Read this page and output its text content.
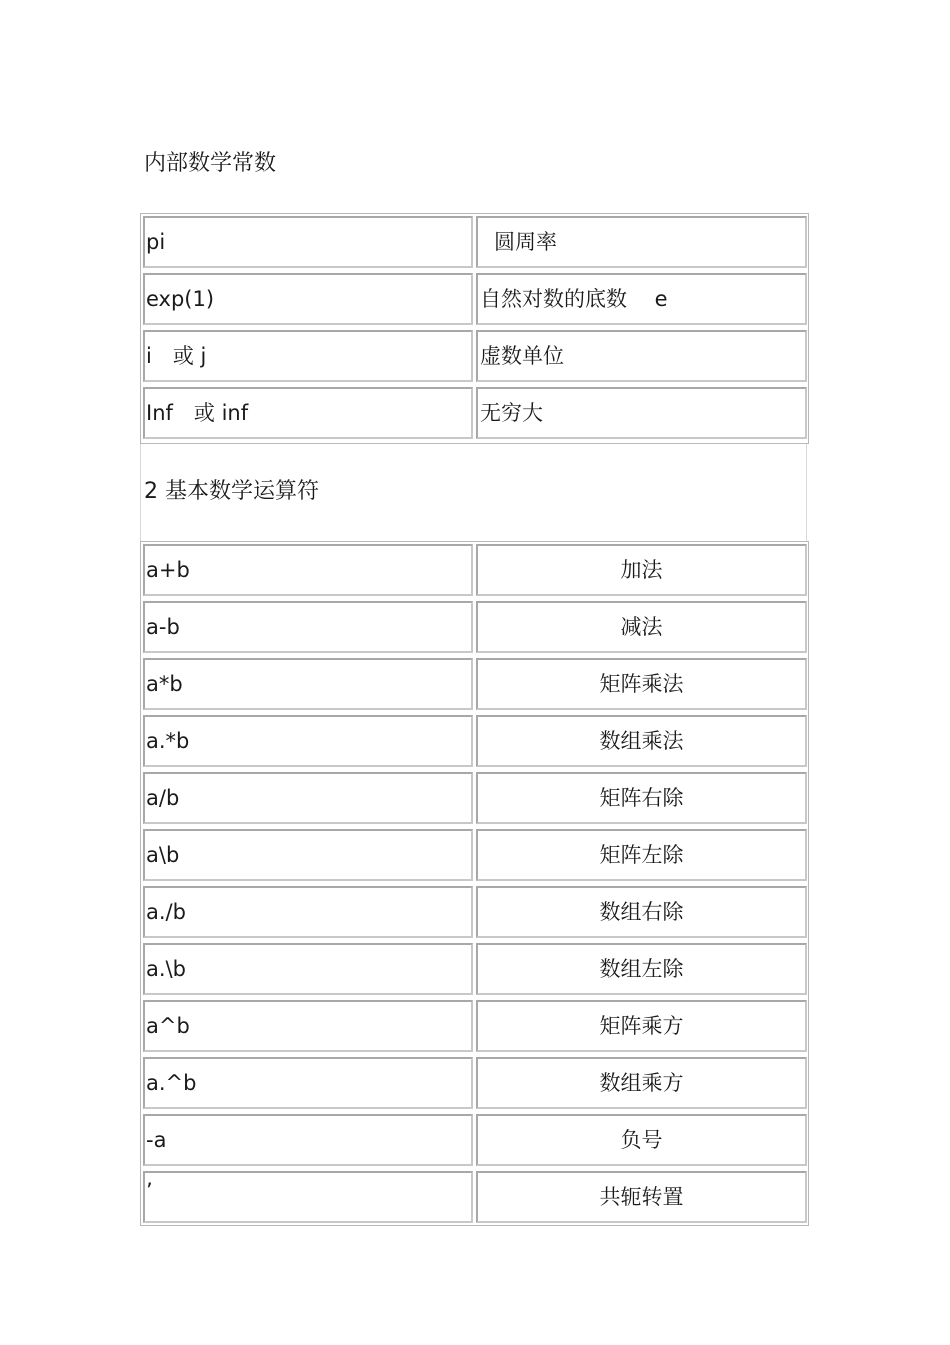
内部数学常数
pi	圆周率
exp(1)	自然对数的底数　 e
i　或 j	虚数单位
Inf　或 inf	无穷大
2 基本数学运算符
a+b	加法
a-b	减法
a*b	矩阵乘法
a.*b	数组乘法
a/b	矩阵右除
a\b	矩阵左除
a./b	数组右除
a.\b	数组左除
a^b	矩阵乘方
a.^b	数组乘方
-a	负号
’	共轭转置
